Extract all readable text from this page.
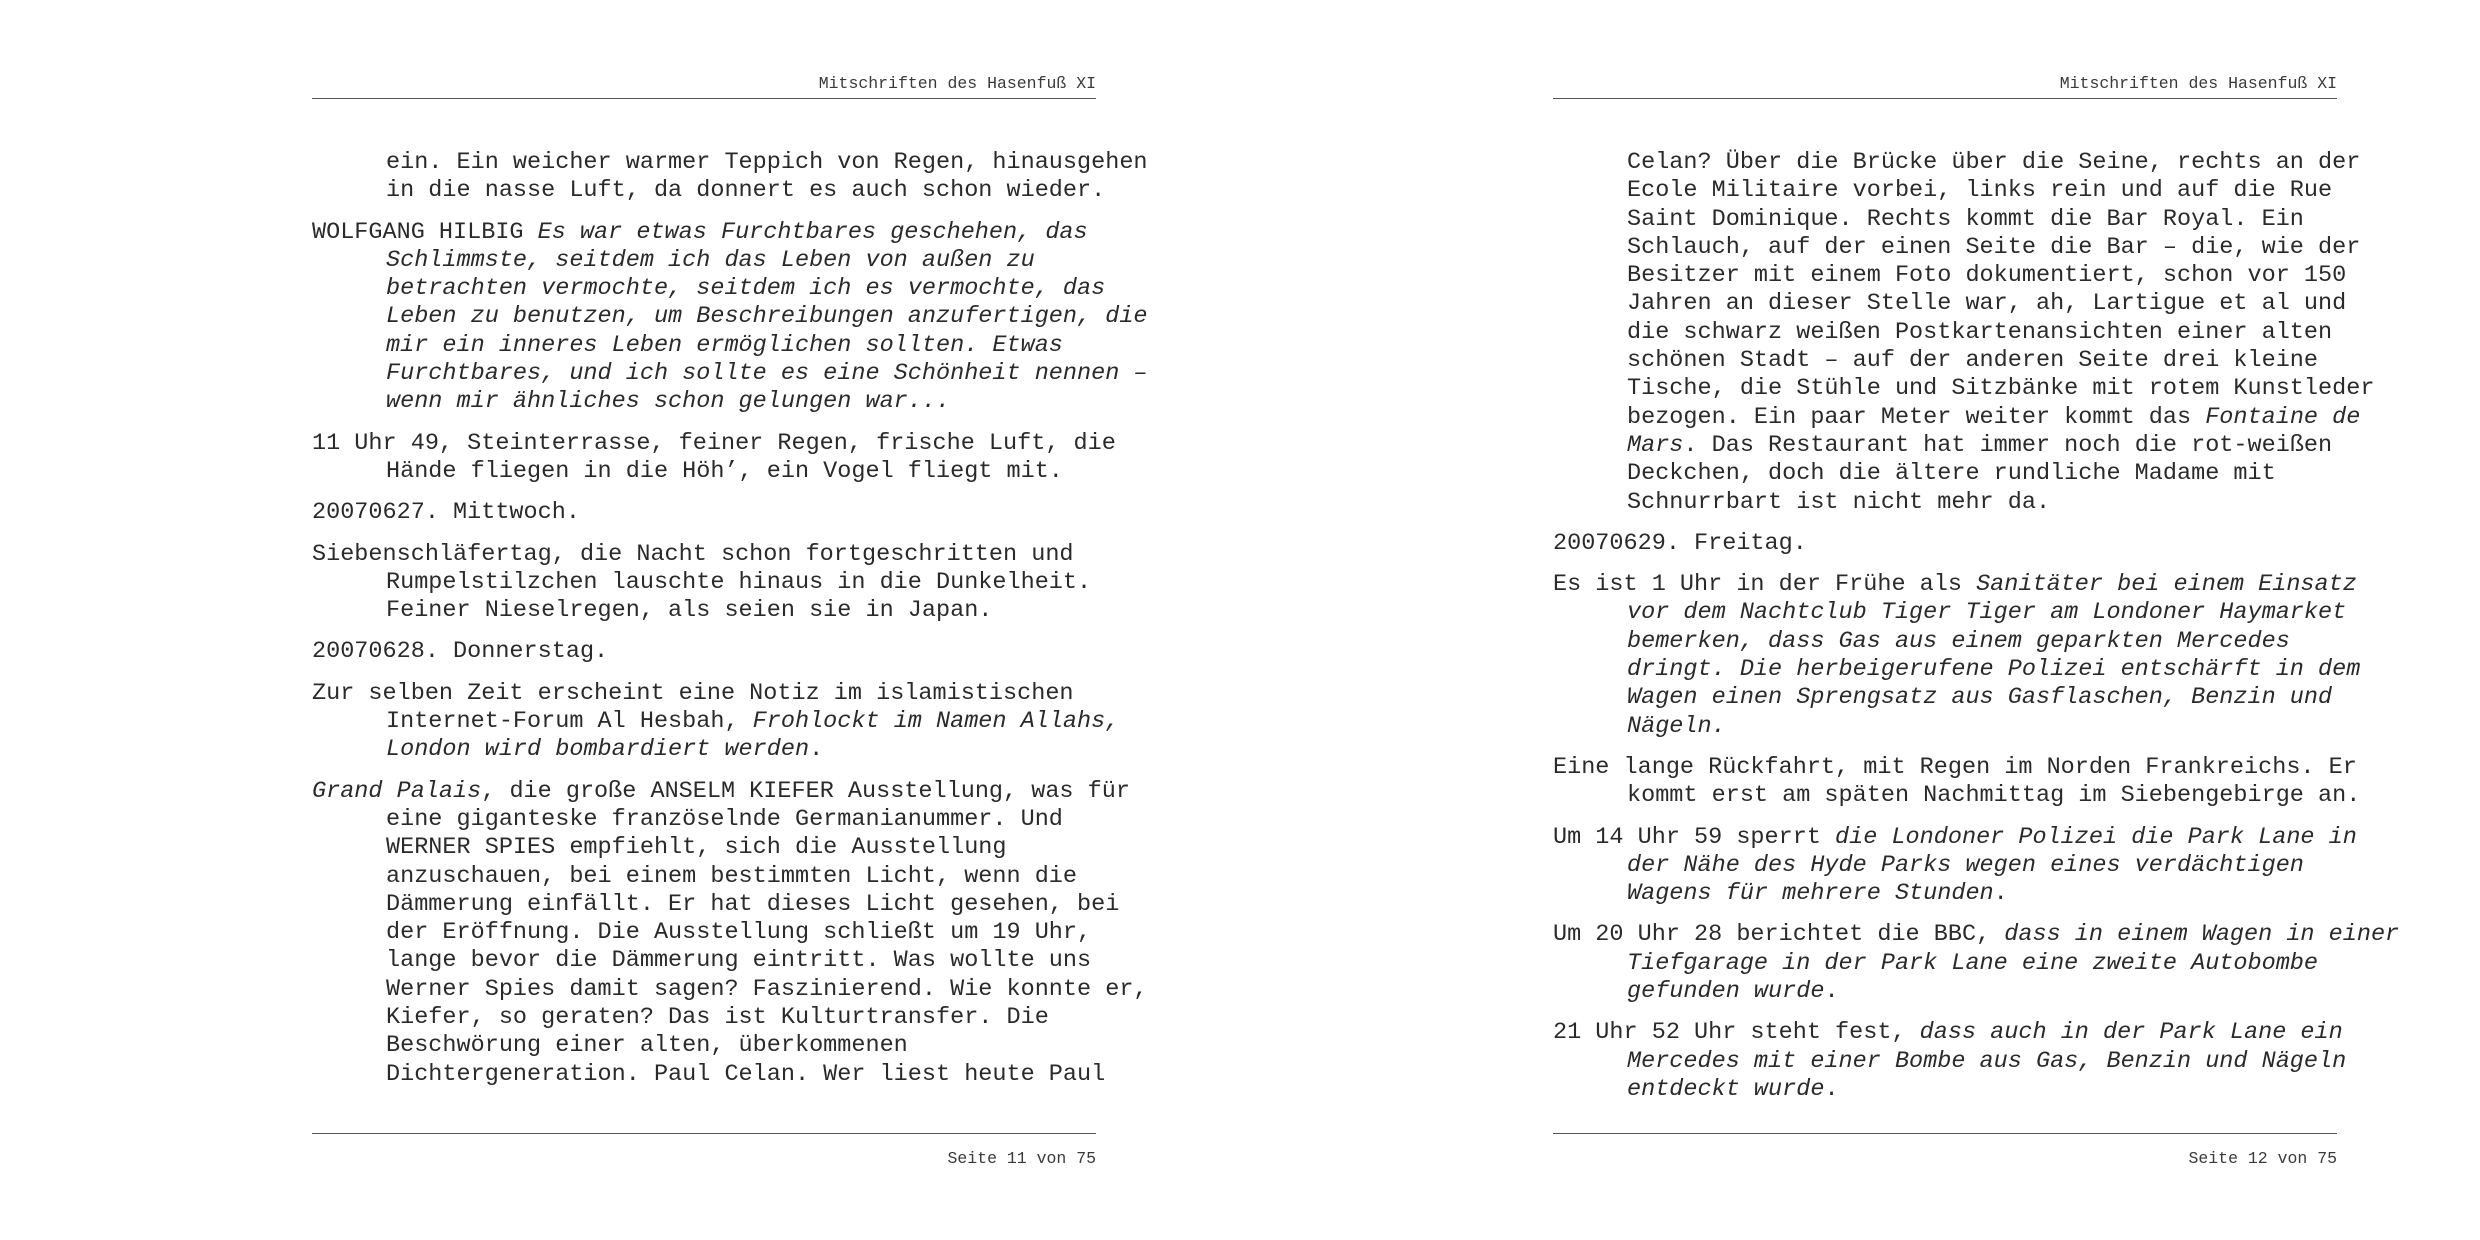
Mitschriften des Hasenfuß XI

ein. Ein weicher warmer Teppich von Regen, hinausgehen
in die nasse Luft, da donnert es auch schon wieder.

WOLFGANG HILBIG Es war etwas Furchtbares geschehen, das
Schlimmste, seitdem ich das Leben von außen zu
betrachten vermochte, seitdem ich es vermochte, das
Leben zu benutzen, um Beschreibungen anzufertigen, die
mir ein inneres Leben ermöglichen sollten. Etwas
Furchtbares, und ich sollte es eine Schönheit nennen –
wenn mir ähnliches schon gelungen war...

11 Uhr 49, Steinterrasse, feiner Regen, frische Luft, die
Hände fliegen in die Höh’, ein Vogel fliegt mit.

20070627. Mittwoch.

Siebenschläfertag, die Nacht schon fortgeschritten und
Rumpelstilzchen lauschte hinaus in die Dunkelheit.
Feiner Nieselregen, als seien sie in Japan.

20070628. Donnerstag.

Zur selben Zeit erscheint eine Notiz im islamistischen
Internet-Forum Al Hesbah, Frohlockt im Namen Allahs,
London wird bombardiert werden.

Grand Palais, die große ANSELM KIEFER Ausstellung, was für
eine giganteske französelnde Germanianummer. Und
WERNER SPIES empfiehlt, sich die Ausstellung
anzuschauen, bei einem bestimmten Licht, wenn die
Dämmerung einfällt. Er hat dieses Licht gesehen, bei
der Eröffnung. Die Ausstellung schließt um 19 Uhr,
lange bevor die Dämmerung eintritt. Was wollte uns
Werner Spies damit sagen? Faszinierend. Wie konnte er,
Kiefer, so geraten? Das ist Kulturtransfer. Die
Beschwörung einer alten, überkommenen
Dichtergeneration. Paul Celan. Wer liest heute Paul

Seite 11 von 75
Mitschriften des Hasenfuß XI

Celan? Über die Brücke über die Seine, rechts an der
Ecole Militaire vorbei, links rein und auf die Rue
Saint Dominique. Rechts kommt die Bar Royal. Ein
Schlauch, auf der einen Seite die Bar – die, wie der
Besitzer mit einem Foto dokumentiert, schon vor 150
Jahren an dieser Stelle war, ah, Lartigue et al und
die schwarz weißen Postkartenansichten einer alten
schönen Stadt – auf der anderen Seite drei kleine
Tische, die Stühle und Sitzbänke mit rotem Kunstleder
bezogen. Ein paar Meter weiter kommt das Fontaine de
Mars. Das Restaurant hat immer noch die rot-weißen
Deckchen, doch die ältere rundliche Madame mit
Schnurrbart ist nicht mehr da.

20070629. Freitag.

Es ist 1 Uhr in der Frühe als Sanitäter bei einem Einsatz
vor dem Nachtclub Tiger Tiger am Londoner Haymarket
bemerken, dass Gas aus einem geparkten Mercedes
dringt. Die herbeigerufene Polizei entschärft in dem
Wagen einen Sprengsatz aus Gasflaschen, Benzin und
Nägeln.

Eine lange Rückfahrt, mit Regen im Norden Frankreichs. Er
kommt erst am späten Nachmittag im Siebengebirge an.

Um 14 Uhr 59 sperrt die Londoner Polizei die Park Lane in
der Nähe des Hyde Parks wegen eines verdächtigen
Wagens für mehrere Stunden.

Um 20 Uhr 28 berichtet die BBC, dass in einem Wagen in einer
Tiefgarage in der Park Lane eine zweite Autobombe
gefunden wurde.

21 Uhr 52 Uhr steht fest, dass auch in der Park Lane ein
Mercedes mit einer Bombe aus Gas, Benzin und Nägeln
entdeckt wurde.

Seite 12 von 75
